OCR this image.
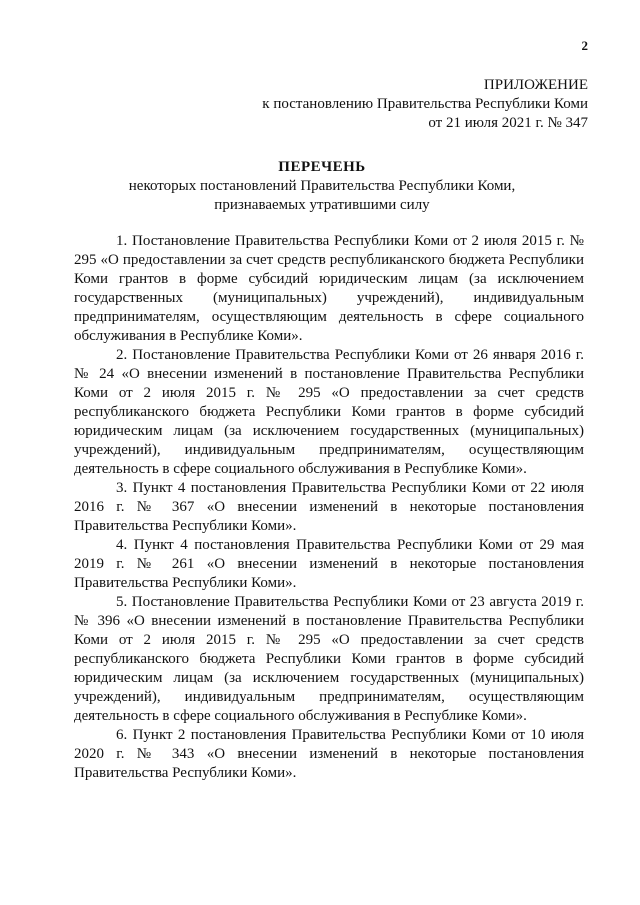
2
ПРИЛОЖЕНИЕ
к постановлению Правительства Республики Коми
от 21 июля 2021 г. № 347
ПЕРЕЧЕНЬ
некоторых постановлений Правительства Республики Коми,
признаваемых утратившими силу

1. Постановление Правительства Республики Коми от 2 июля 2015 г. № 295 «О предоставлении за счет средств республиканского бюджета Республики Коми грантов в форме субсидий юридическим лицам (за исключением государственных (муниципальных) учреждений), индивидуальным предпринимателям, осуществляющим деятельность в сфере социального обслуживания в Республике Коми».

2. Постановление Правительства Республики Коми от 26 января 2016 г. № 24 «О внесении изменений в постановление Правительства Республики Коми от 2 июля 2015 г. № 295 «О предоставлении за счет средств республиканского бюджета Республики Коми грантов в форме субсидий юридическим лицам (за исключением государственных (муниципальных) учреждений), индивидуальным предпринимателям, осуществляющим деятельность в сфере социального обслуживания в Республике Коми».

3. Пункт 4 постановления Правительства Республики Коми от 22 июля 2016 г. № 367 «О внесении изменений в некоторые постановления Правительства Республики Коми».

4. Пункт 4 постановления Правительства Республики Коми от 29 мая 2019 г. № 261 «О внесении изменений в некоторые постановления Правительства Республики Коми».

5. Постановление Правительства Республики Коми от 23 августа 2019 г. № 396 «О внесении изменений в постановление Правительства Республики Коми от 2 июля 2015 г. № 295 «О предоставлении за счет средств республиканского бюджета Республики Коми грантов в форме субсидий юридическим лицам (за исключением государственных (муниципальных) учреждений), индивидуальным предпринимателям, осуществляющим деятельность в сфере социального обслуживания в Республике Коми».

6. Пункт 2 постановления Правительства Республики Коми от 10 июля 2020 г. № 343 «О внесении изменений в некоторые постановления Правительства Республики Коми».
